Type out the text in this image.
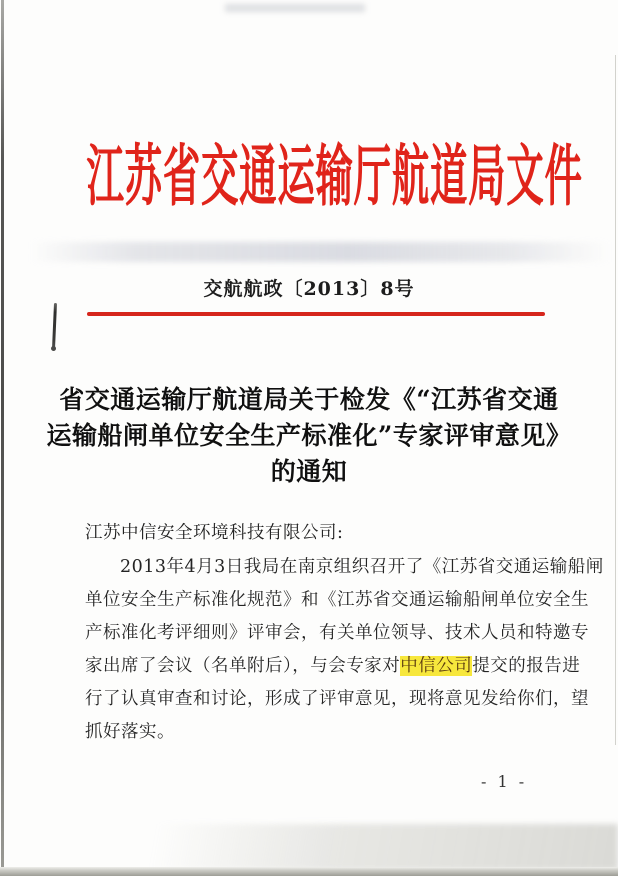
江苏省交通运输厅航道局文件
交航航政〔2013〕8号
省交通运输厅航道局关于检发《“江苏省交通
运输船闸单位安全生产标准化”专家评审意见》
的通知
江苏中信安全环境科技有限公司:
2013年4月3日我局在南京组织召开了《江苏省交通运输船闸
单位安全生产标准化规范》和《江苏省交通运输船闸单位安全生
产标准化考评细则》评审会，有关单位领导、技术人员和特邀专
家出席了会议（名单附后），与会专家对中信公司提交的报告进
行了认真审查和讨论，形成了评审意见，现将意见发给你们，望
抓好落实。
- 1 -
